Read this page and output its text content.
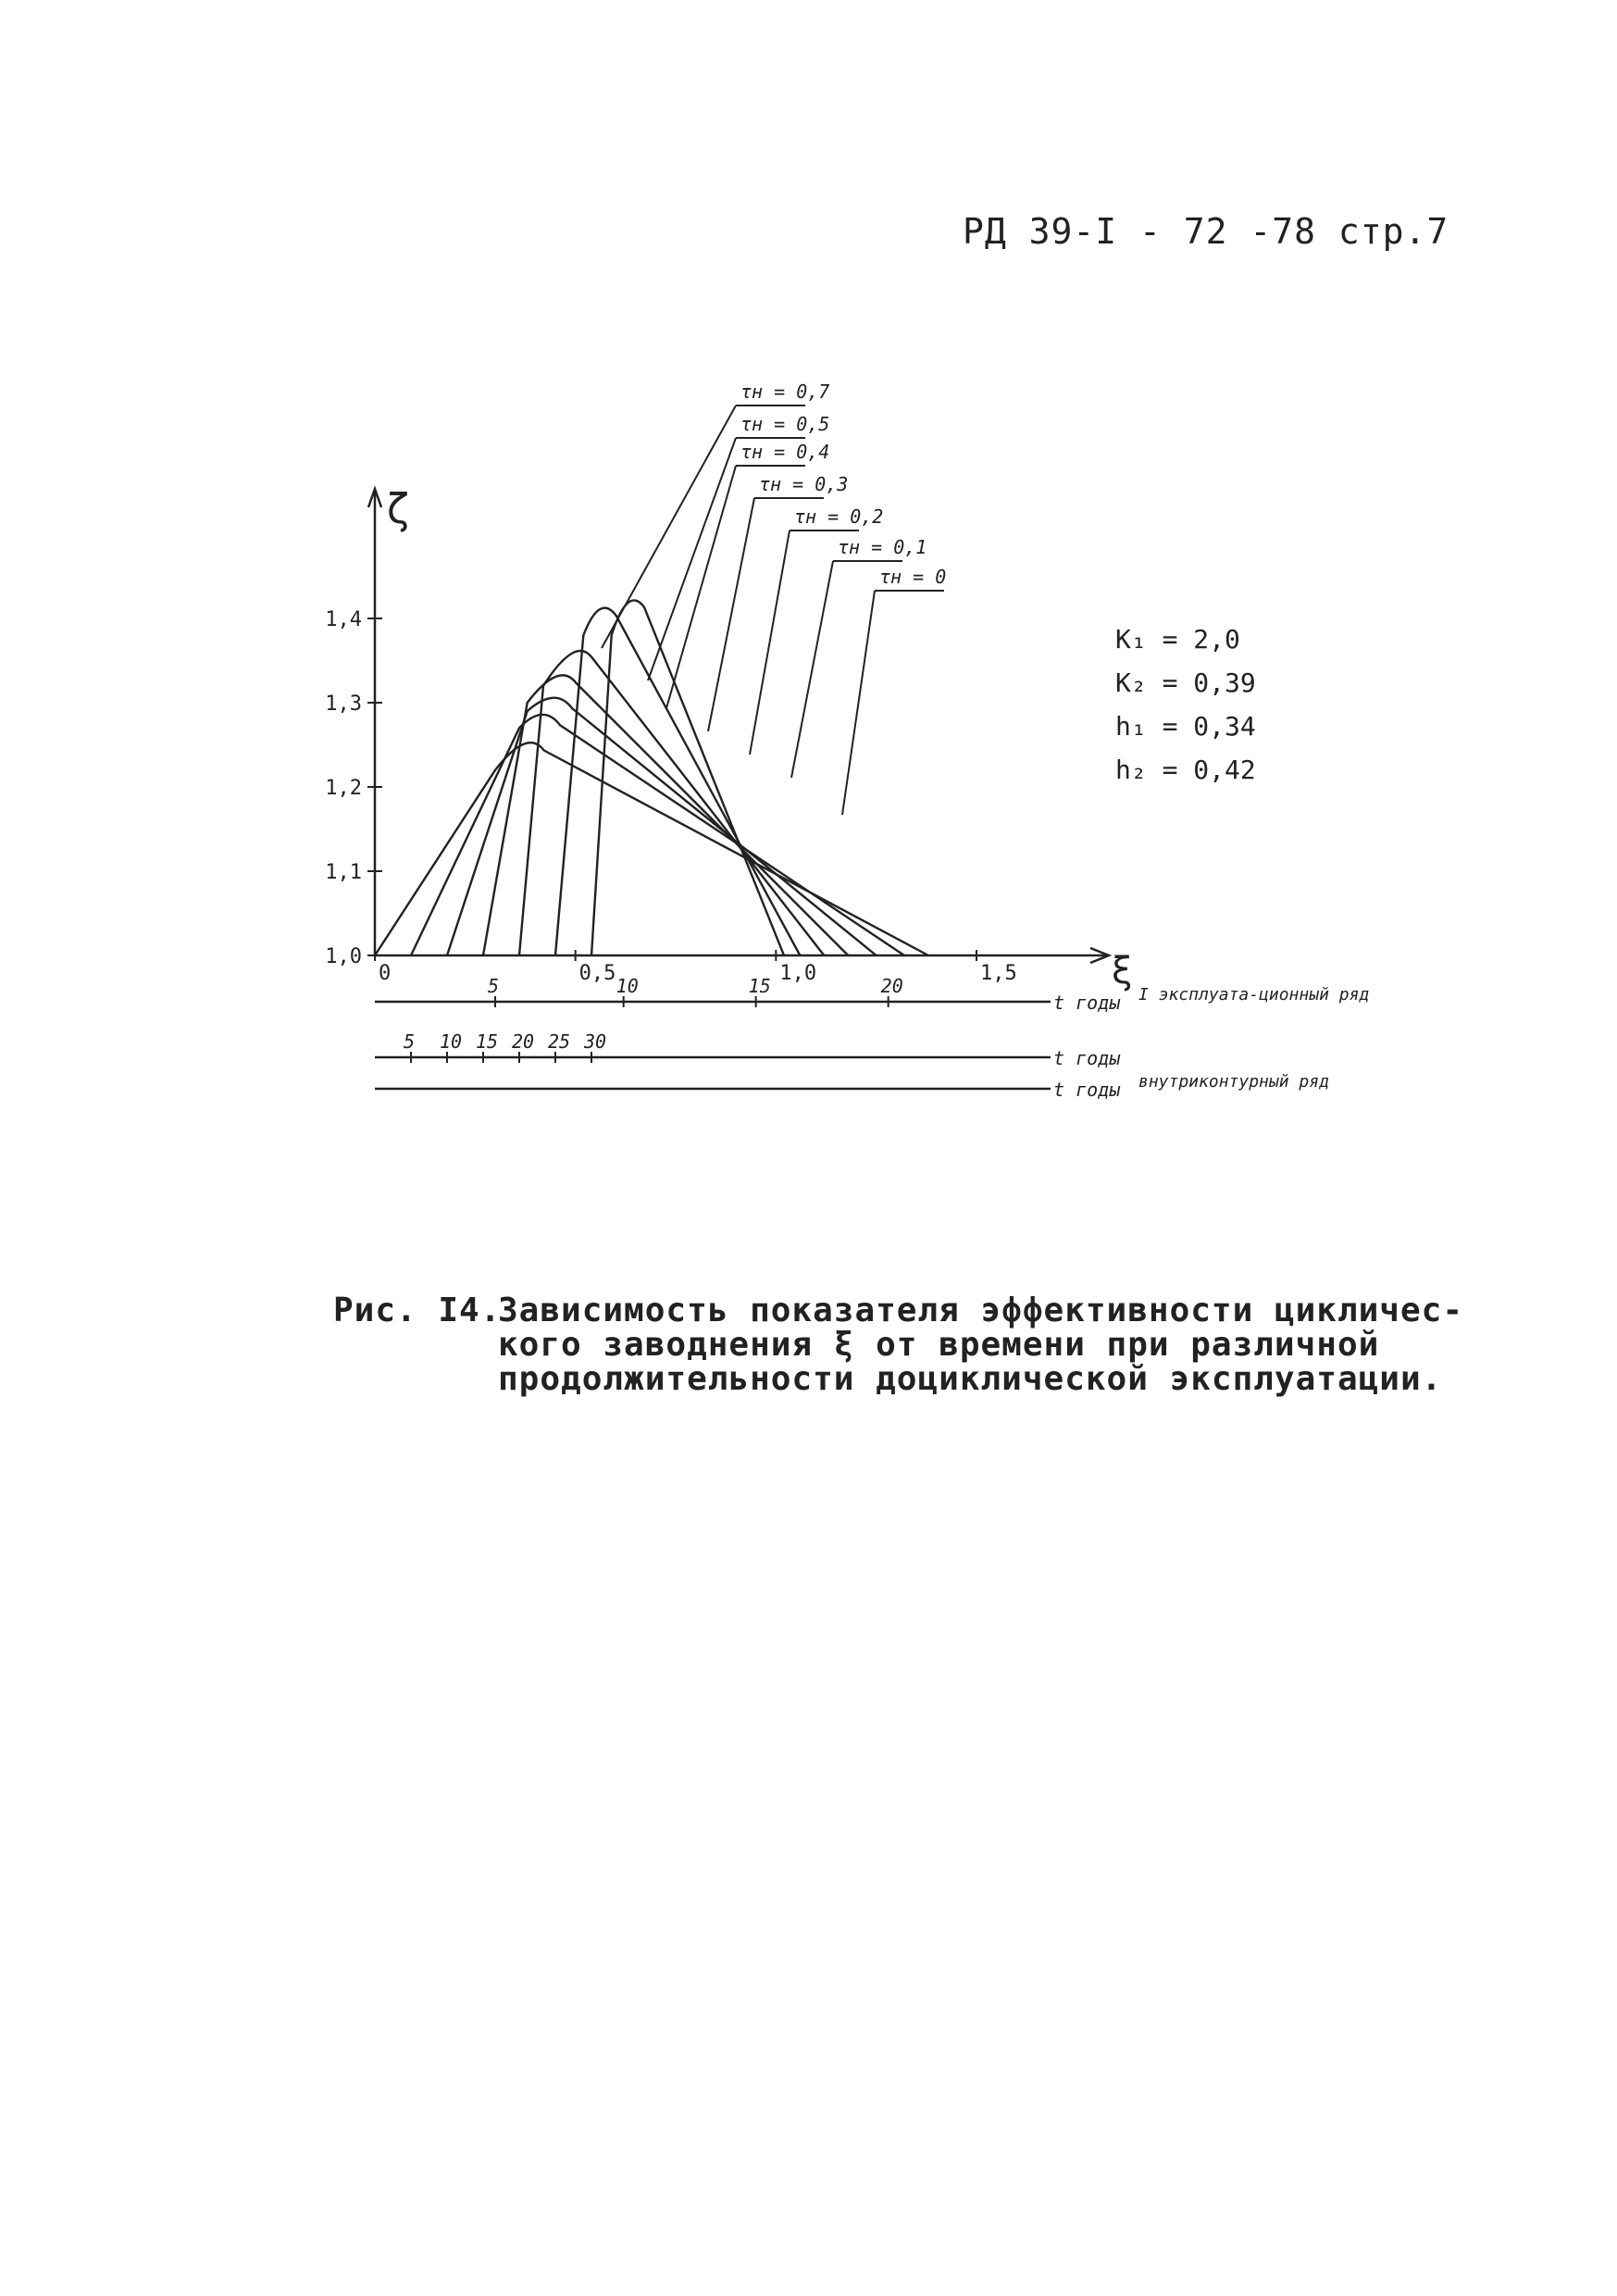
РД 39-I - 72 -78 стр.7
ζ
ξ
1,0
1,1
1,2
1,3
1,4
0	0,5	1,0	1,5
5	10	15	20
t годы I эксплуата-ционный ряд
5 10 15 20 25 30
t годы
t годы внутриконтурный ряд
K₁ = 2,0
K₂ = 0,39
h₁ = 0,34
h₂ = 0,42
τн = 0
τн = 0,1
τн = 0,2
τн = 0,3
τн = 0,4
τн = 0,5
τн = 0,7
Рис. I4.
Зависимость показателя эффективности цикличес-
кого заводнения ξ от времени при различной
продолжительности доциклической эксплуатации.
